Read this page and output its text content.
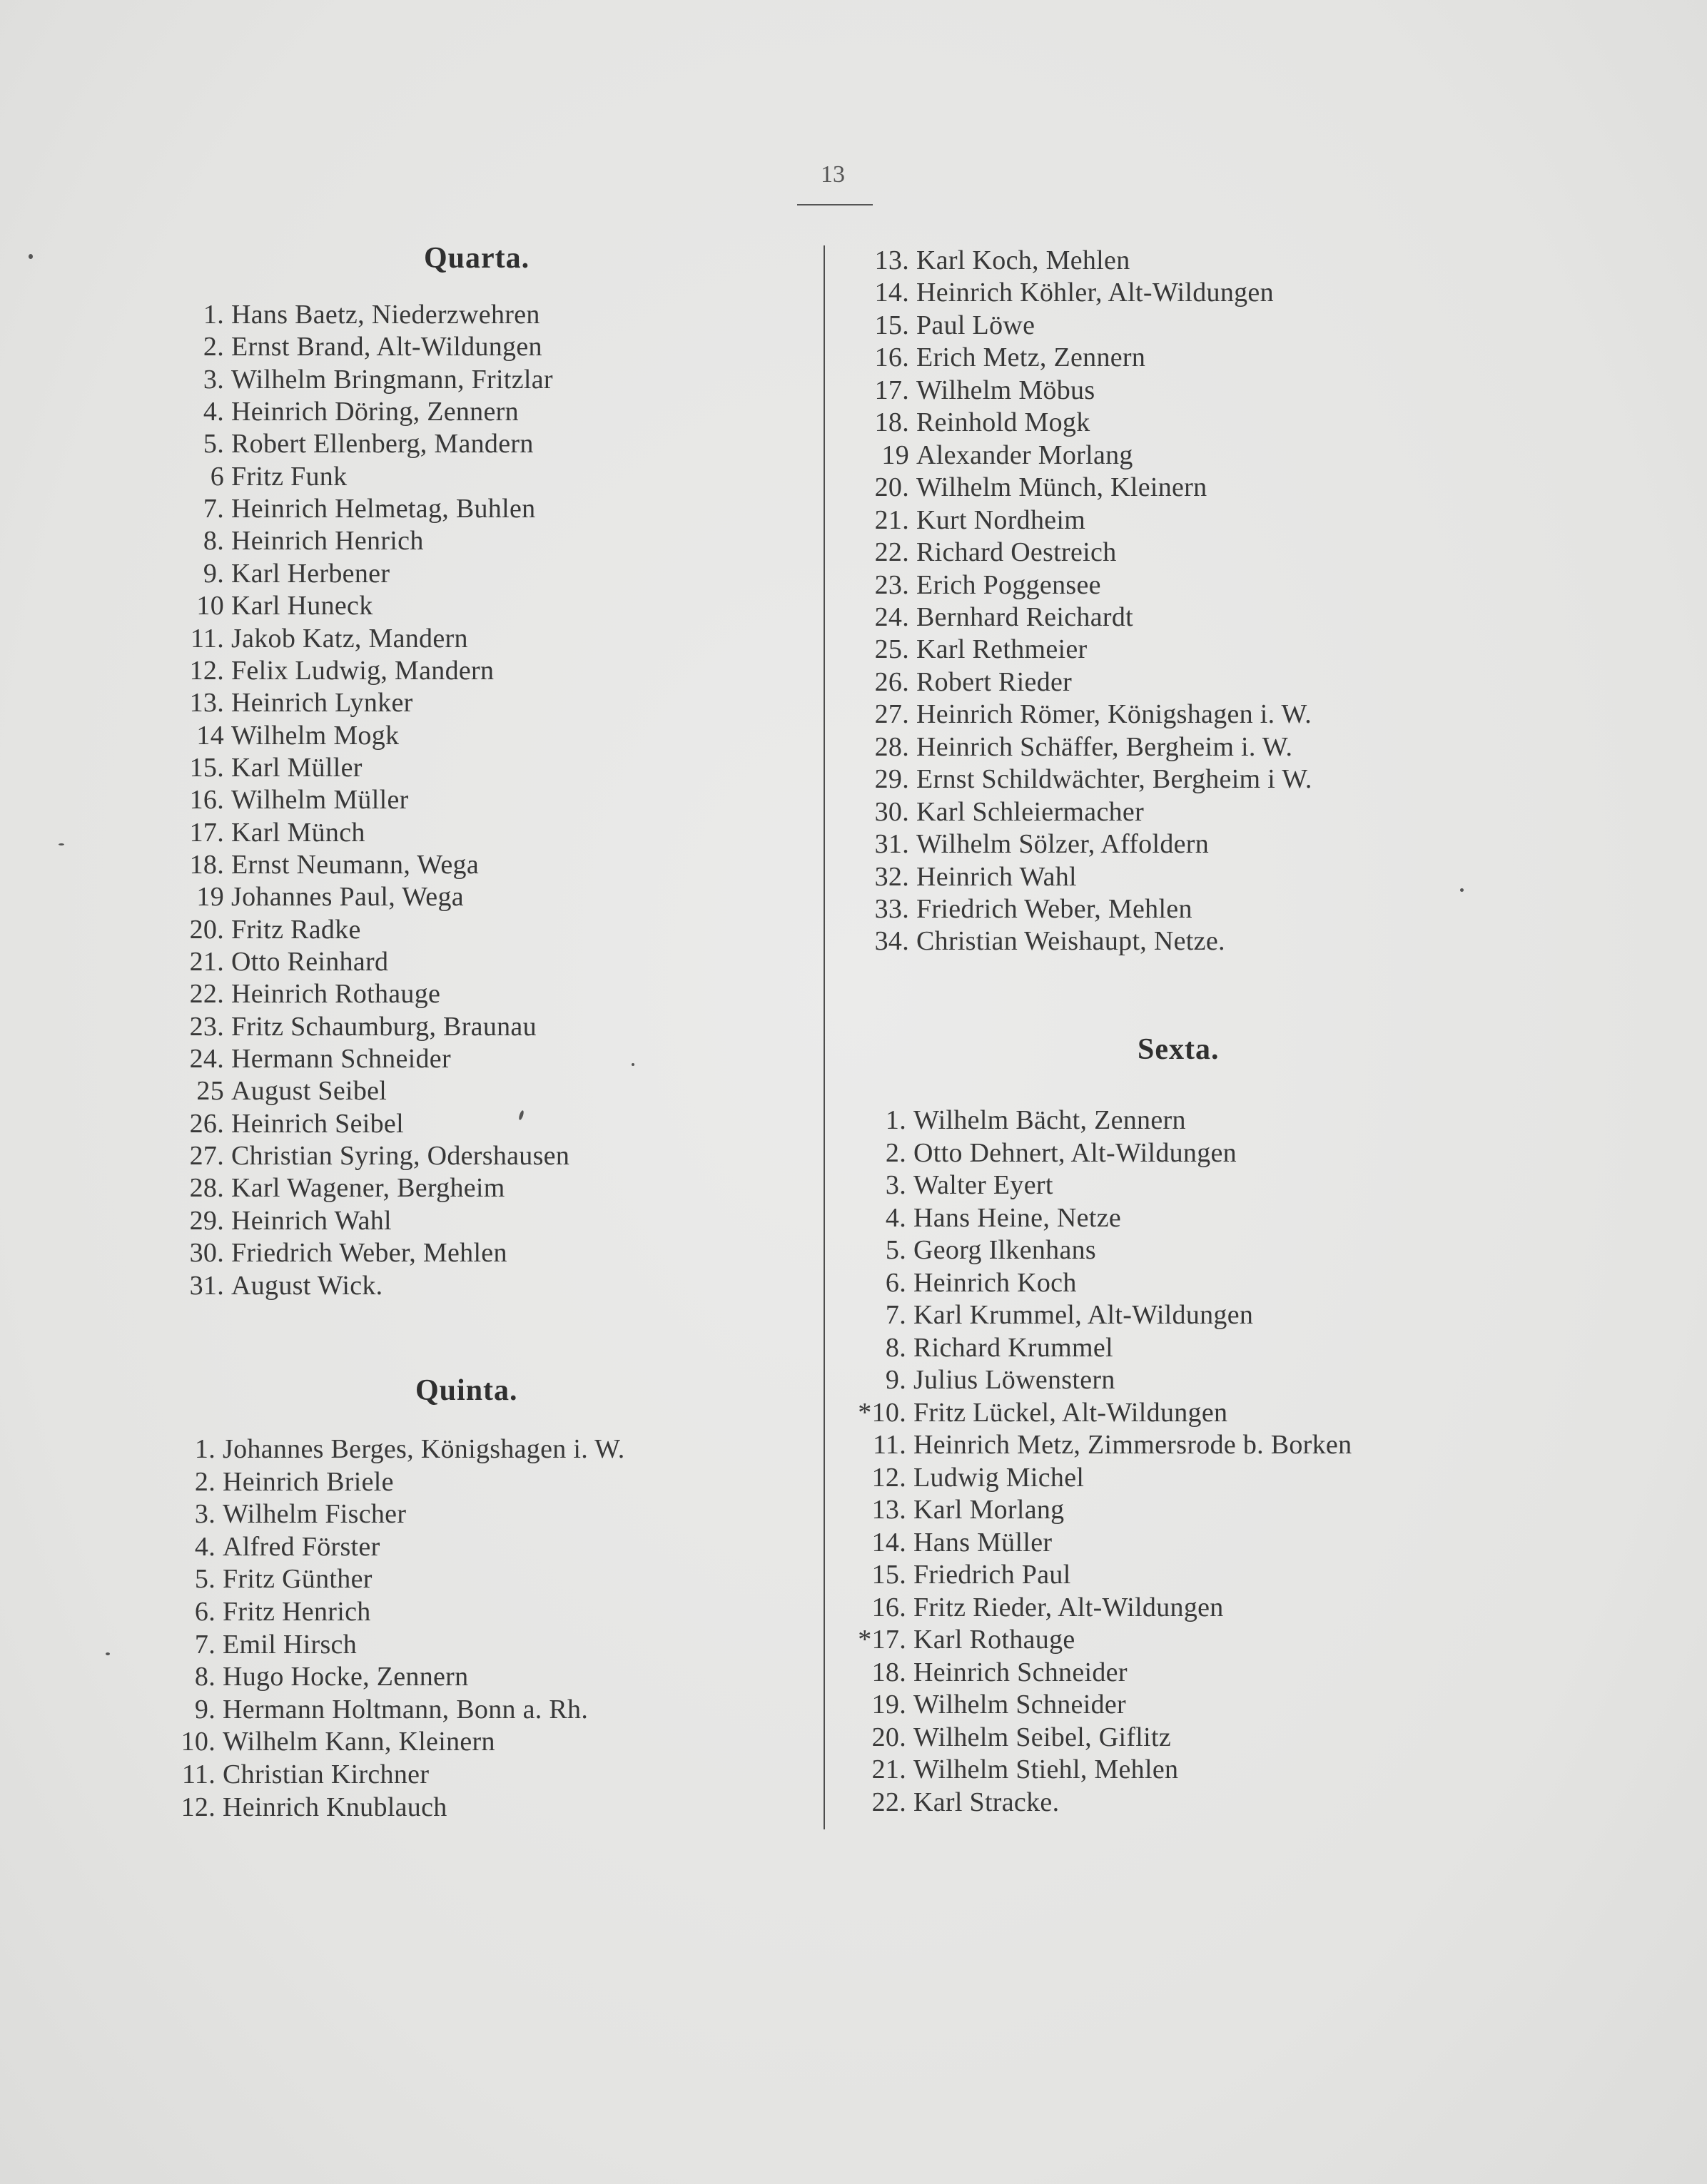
13
Quarta.
Quinta.
Sexta.
1. Hans Baetz, Niederzwehren
2. Ernst Brand, Alt-Wildungen
3. Wilhelm Bringmann, Fritzlar
4. Heinrich Döring, Zennern
5. Robert Ellenberg, Mandern
6 Fritz Funk
7. Heinrich Helmetag, Buhlen
8. Heinrich Henrich
9. Karl Herbener
10 Karl Huneck
11. Jakob Katz, Mandern
12. Felix Ludwig, Mandern
13. Heinrich Lynker
14 Wilhelm Mogk
15. Karl Müller
16. Wilhelm Müller
17. Karl Münch
18. Ernst Neumann, Wega
19 Johannes Paul, Wega
20. Fritz Radke
21. Otto Reinhard
22. Heinrich Rothauge
23. Fritz Schaumburg, Braunau
24. Hermann Schneider
25 August Seibel
26. Heinrich Seibel
27. Christian Syring, Odershausen
28. Karl Wagener, Bergheim
29. Heinrich Wahl
30. Friedrich Weber, Mehlen
31. August Wick.
1. Johannes Berges, Königshagen i. W.
2. Heinrich Briele
3. Wilhelm Fischer
4. Alfred Förster
5. Fritz Günther
6. Fritz Henrich
7. Emil Hirsch
8. Hugo Hocke, Zennern
9. Hermann Holtmann, Bonn a. Rh.
10. Wilhelm Kann, Kleinern
11. Christian Kirchner
12. Heinrich Knublauch
13. Karl Koch, Mehlen
14. Heinrich Köhler, Alt-Wildungen
15. Paul Löwe
16. Erich Metz, Zennern
17. Wilhelm Möbus
18. Reinhold Mogk
19 Alexander Morlang
20. Wilhelm Münch, Kleinern
21. Kurt Nordheim
22. Richard Oestreich
23. Erich Poggensee
24. Bernhard Reichardt
25. Karl Rethmeier
26. Robert Rieder
27. Heinrich Römer, Königshagen i. W.
28. Heinrich Schäffer, Bergheim i. W.
29. Ernst Schildwächter, Bergheim i W.
30. Karl Schleiermacher
31. Wilhelm Sölzer, Affoldern
32. Heinrich Wahl
33. Friedrich Weber, Mehlen
34. Christian Weishaupt, Netze.
1. Wilhelm Bächt, Zennern
2. Otto Dehnert, Alt-Wildungen
3. Walter Eyert
4. Hans Heine, Netze
5. Georg Ilkenhans
6. Heinrich Koch
7. Karl Krummel, Alt-Wildungen
8. Richard Krummel
9. Julius Löwenstern
*10. Fritz Lückel, Alt-Wildungen
11. Heinrich Metz, Zimmersrode b. Borken
12. Ludwig Michel
13. Karl Morlang
14. Hans Müller
15. Friedrich Paul
16. Fritz Rieder, Alt-Wildungen
*17. Karl Rothauge
18. Heinrich Schneider
19. Wilhelm Schneider
20. Wilhelm Seibel, Giflitz
21. Wilhelm Stiehl, Mehlen
22. Karl Stracke.
